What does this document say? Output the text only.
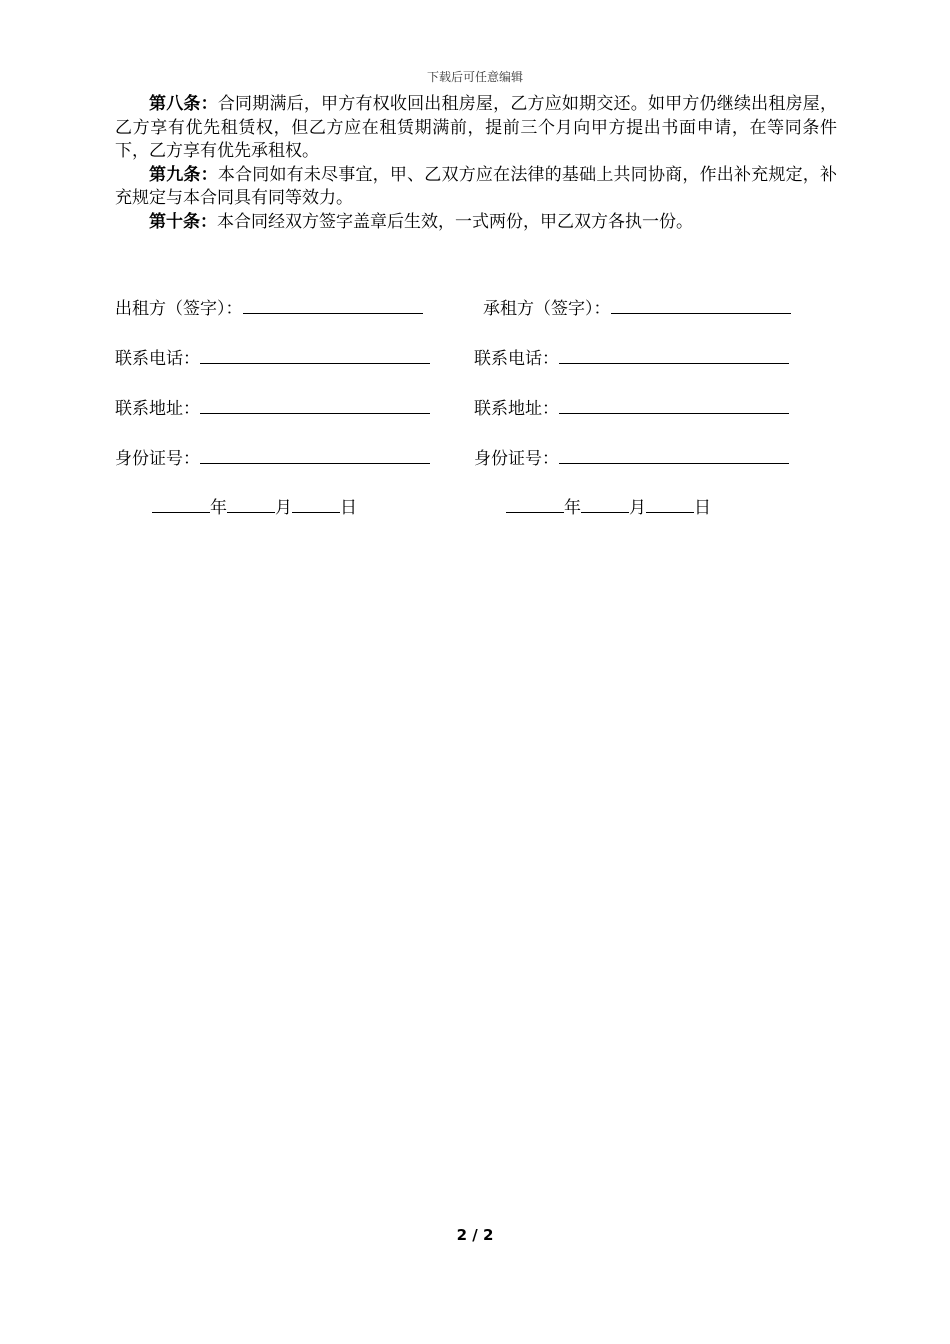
下载后可任意编辑

第八条：合同期满后，甲方有权收回出租房屋，乙方应如期交还。如甲方仍继续出租房屋，乙方享有优先租赁权，但乙方应在租赁期满前，提前三个月向甲方提出书面申请，在等同条件下，乙方享有优先承租权。

第九条：本合同如有未尽事宜，甲、乙双方应在法律的基础上共同协商，作出补充规定，补充规定与本合同具有同等效力。

第十条：本合同经双方签字盖章后生效，一式两份，甲乙双方各执一份。

出租方（签字）：	承租方（签字）：
联系电话：	联系电话：
联系地址：	联系地址：
身份证号：	身份证号：
年	月	日	年	月	日
2 / 2
